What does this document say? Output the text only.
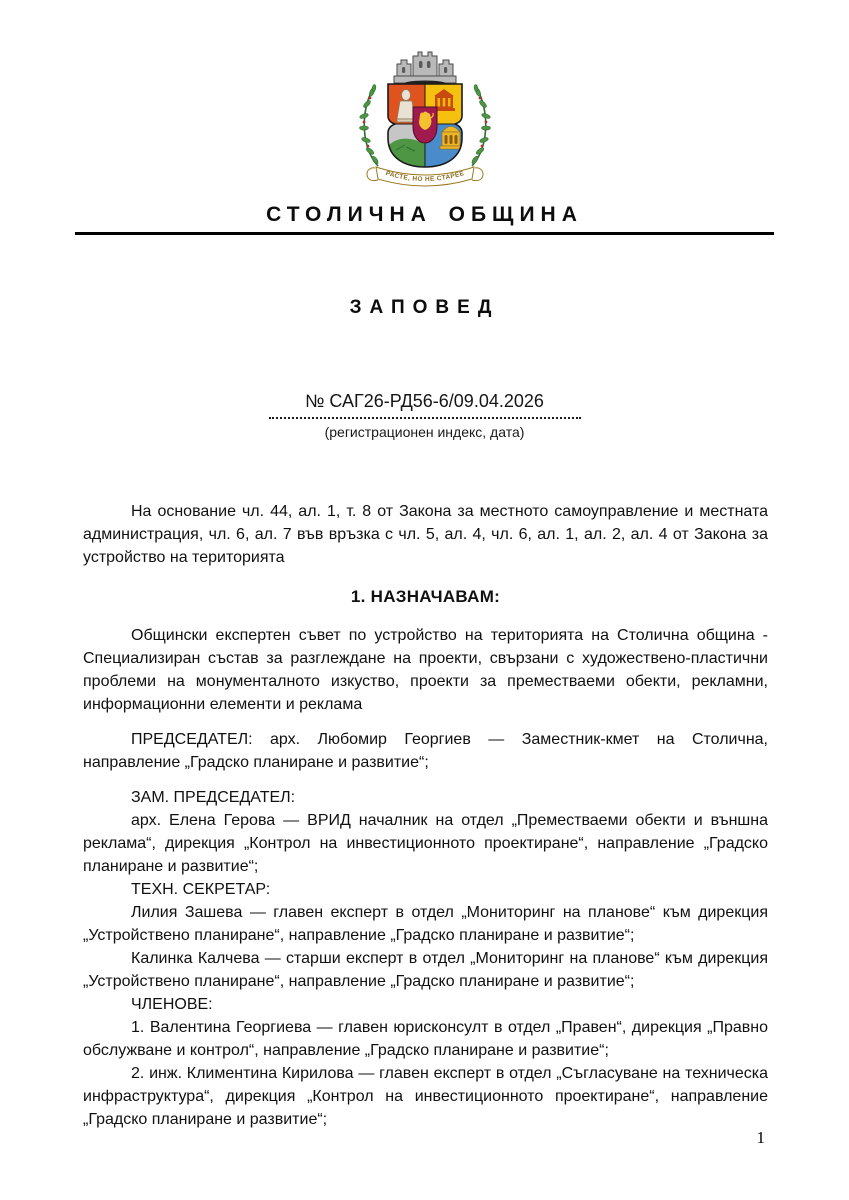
РАСТЕ, НО НЕ СТАРЕЕ
СТОЛИЧНА ОБЩИНА
ЗАПОВЕД
№ САГ26-РД56-6/09.04.2026
(регистрационен индекс, дата)

На основание чл. 44, ал. 1, т. 8 от Закона за местното самоуправление и местната администрация, чл. 6, ал. 7 във връзка с чл. 5, ал. 4, чл. 6, ал. 1, ал. 2, ал. 4 от Закона за устройство на територията

1. НАЗНАЧАВАМ:

Общински експертен съвет по устройство на територията на Столична община - Специализиран състав за разглеждане на проекти, свързани с художествено-пластични проблеми на монументалното изкуство, проекти за преместваеми обекти, рекламни, информационни елементи и реклама

ПРЕДСЕДАТЕЛ: арх. Любомир Георгиев — Заместник-кмет на Столична, направление „Градско планиране и развитие“;

ЗАМ. ПРЕДСЕДАТЕЛ:

арх. Елена Герова — ВРИД началник на отдел „Преместваеми обекти и външна реклама“, дирекция „Контрол на инвестиционното проектиране“, направление „Градско планиране и развитие“;

ТЕХН. СЕКРЕТАР:

Лилия Зашева — главен експерт в отдел „Мониторинг на планове“ към дирекция „Устройствено планиране“, направление „Градско планиране и развитие“;

Калинка Калчева — старши експерт в отдел „Мониторинг на планове“ към дирекция „Устройствено планиране“, направление „Градско планиране и развитие“;

ЧЛЕНОВЕ:

1. Валентина Георгиева — главен юрисконсулт в отдел „Правен“, дирекция „Правно обслужване и контрол“, направление „Градско планиране и развитие“;

2. инж. Климентина Кирилова — главен експерт в отдел „Съгласуване на техническа инфраструктура“, дирекция „Контрол на инвестиционното проектиране“, направление „Градско планиране и развитие“;

1
